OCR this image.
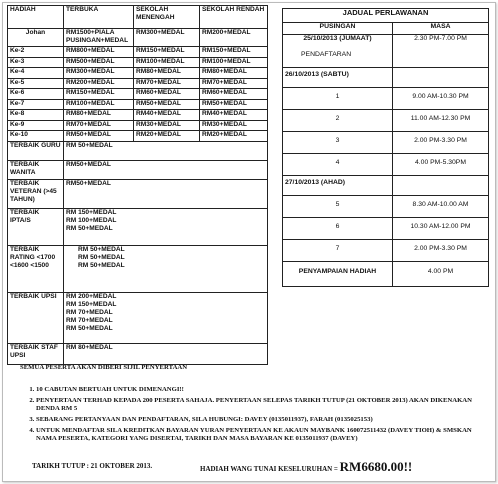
HADIAH	TERBUKA	SEKOLAH MENENGAH	SEKOLAH RENDAH
Johan	RM1500+PIALA PUSINGAN+MEDAL	RM300+MEDAL	RM200+MEDAL
Ke-2	RM800+MEDAL	RM150+MEDAL	RM150+MEDAL
Ke-3	RM500+MEDAL	RM100+MEDAL	RM100+MEDAL
Ke-4	RM300+MEDAL	RM80+MEDAL	RM80+MEDAL
Ke-5	RM200+MEDAL	RM70+MEDAL	RM70+MEDAL
Ke-6	RM150+MEDAL	RM60+MEDAL	RM60+MEDAL
Ke-7	RM100+MEDAL	RM50+MEDAL	RM50+MEDAL
Ke-8	RM80+MEDAL	RM40+MEDAL	RM40+MEDAL
Ke-9	RM70+MEDAL	RM30+MEDAL	RM30+MEDAL
Ke-10	RM50+MEDAL	RM20+MEDAL	RM20+MEDAL
TERBAIK GURU	RM 50+MEDAL		

TERBAIK WANITA	RM50+MEDAL		

TERBAIK VETERAN (>45 TAHUN)	RM50+MEDAL		

TERBAIK IPTA/S	RM 150+MEDAL
RM 100+MEDAL
RM 50+MEDAL		

TERBAIK RATING <1700 <1600 <1500	RM 50+MEDAL
RM 50+MEDAL
RM 50+MEDAL		

TERBAIK UPSI	RM 200+MEDAL
RM 150+MEDAL
RM 70+MEDAL
RM 70+MEDAL
RM 50+MEDAL		

TERBAIK STAF UPSI	RM 80+MEDAL		
JADUAL PERLAWANAN	
PUSINGAN	MASA

25/10/2013 (JUMAAT)
PENDAFTARAN	2.30 PM-7.00 PM
26/10/2013 (SABTU)	
1	9.00 AM-10.30 PM
2	11.00 AM-12.30 PM
3	2.00 PM-3.30 PM
4	4.00 PM-5.30PM
27/10/2013 (AHAD)	
5	8.30 AM-10.00 AM
6	10.30 AM-12.00 PM
7	2.00 PM-3.30 PM
PENYAMPAIAN HADIAH	4.00 PM
SEMUA PESERTA AKAN DIBERI SIJIL PENYERTAAN
1. 10 CABUTAN BERTUAH UNTUK DIMENANGI!!
2. PENYERTAAN TERHAD KEPADA 200 PESERTA SAHAJA. PENYERTAAN SELEPAS TARIKH TUTUP (21 OKTOBER 2013) AKAN DIKENAKAN DENDA RM 5
3. SEBARANG PERTANYAAN DAN PENDAFTARAN, SILA HUBUNGI: DAVEY (0135011937), FARAH (0135025153)
4. UNTUK MENDAFTAR SILA KREDITKAN BAYARAN YURAN PENYERTAAN KE AKAUN MAYBANK 160072511432 (DAVEY TIOH) & SMSKAN NAMA PESERTA, KATEGORI YANG DISERTAI, TARIKH DAN MASA BAYARAN KE 0135011937 (DAVEY)
TARIKH TUTUP : 21 OKTOBER 2013.	HADIAH WANG TUNAI KESELURUHAN = RM6680.00!!
